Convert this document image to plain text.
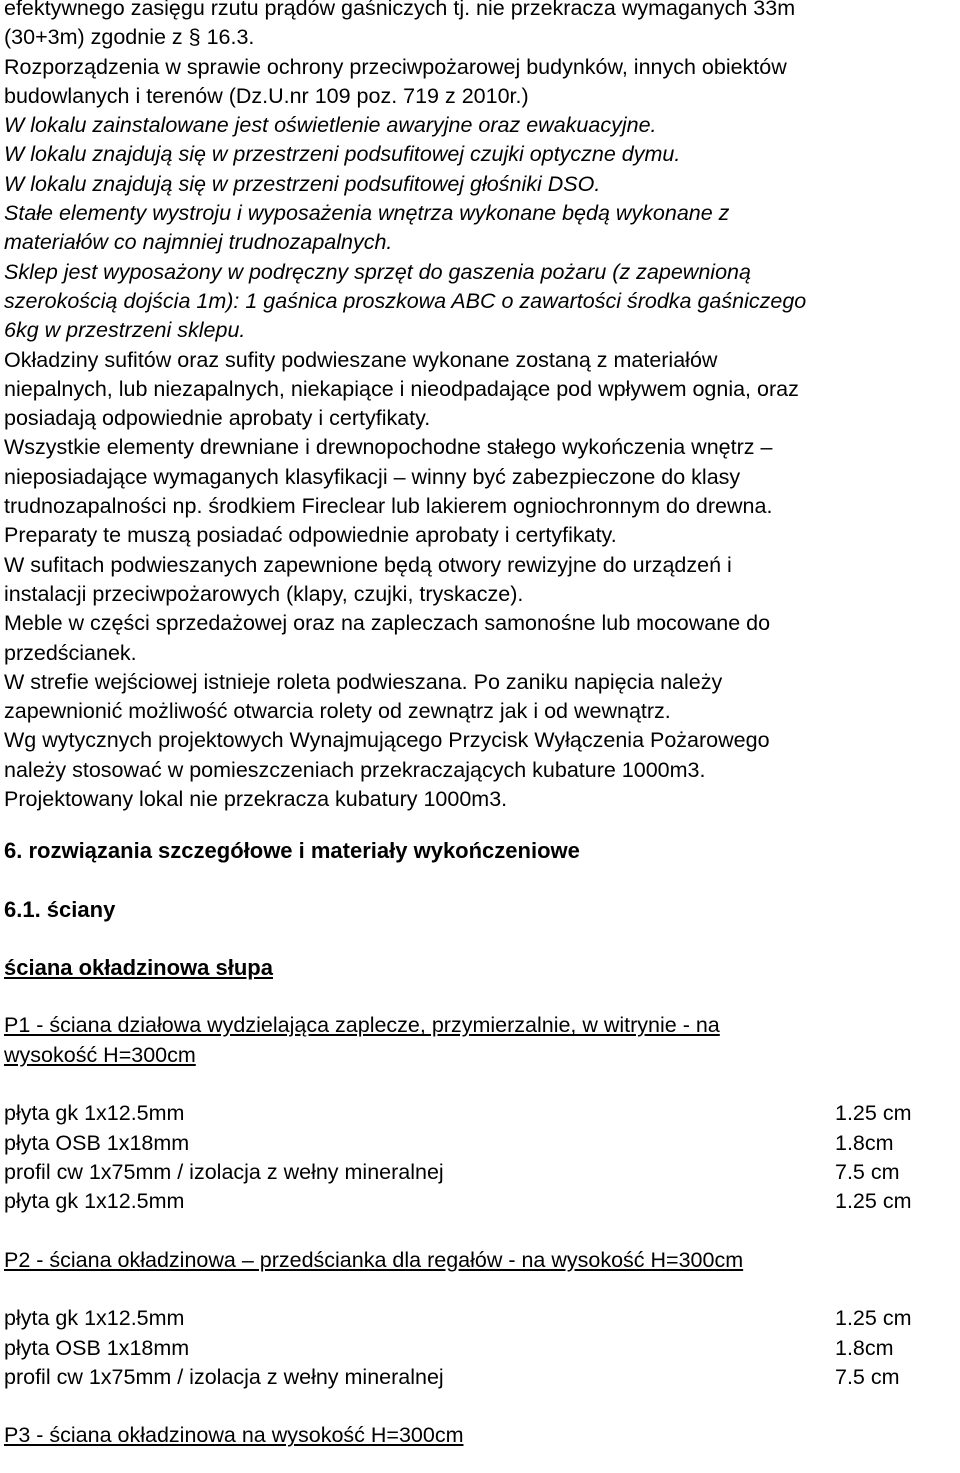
efektywnego zasięgu rzutu prądów gaśniczych tj. nie przekracza wymaganych 33m
(30+3m) zgodnie z § 16.3.
Rozporządzenia w sprawie ochrony przeciwpożarowej budynków, innych obiektów
budowlanych i terenów (Dz.U.nr 109 poz. 719 z 2010r.)
W lokalu zainstalowane jest oświetlenie awaryjne oraz ewakuacyjne.
W lokalu znajdują się w przestrzeni podsufitowej czujki optyczne dymu.
W lokalu znajdują się w przestrzeni podsufitowej głośniki DSO.
Stałe elementy wystroju i wyposażenia wnętrza wykonane będą wykonane z
materiałów co najmniej trudnozapalnych.
Sklep jest wyposażony w podręczny sprzęt do gaszenia pożaru (z zapewnioną
szerokością dojścia 1m): 1 gaśnica proszkowa ABC o zawartości środka gaśniczego
6kg w przestrzeni sklepu.
Okładziny sufitów oraz sufity podwieszane wykonane zostaną z materiałów
niepalnych, lub niezapalnych, niekapiące i nieodpadające pod wpływem ognia, oraz
posiadają odpowiednie aprobaty i certyfikaty.
Wszystkie elementy drewniane i drewnopochodne stałego wykończenia wnętrz –
nieposiadające wymaganych klasyfikacji – winny być zabezpieczone do klasy
trudnozapalności np. środkiem Fireclear lub lakierem ogniochronnym do drewna.
Preparaty te muszą posiadać odpowiednie aprobaty i certyfikaty.
W sufitach podwieszanych zapewnione będą otwory rewizyjne do urządzeń i
instalacji przeciwpożarowych (klapy, czujki, tryskacze).
Meble w części sprzedażowej oraz na zapleczach samonośne lub mocowane do
przedścianek.
W strefie wejściowej istnieje roleta podwieszana. Po zaniku napięcia należy
zapewnionić możliwość otwarcia rolety od zewnątrz jak i od wewnątrz.
Wg wytycznych projektowych Wynajmującego Przycisk Wyłączenia Pożarowego
należy stosować w pomieszczeniach przekraczających kubature 1000m3.
Projektowany lokal nie przekracza kubatury 1000m3.
6. rozwiązania szczegółowe i materiały wykończeniowe
6.1. ściany
ściana okładzinowa słupa
P1 - ściana działowa wydzielająca zaplecze, przymierzalnie, w witrynie - na
wysokość H=300cm
płyta gk 1x12.5mm	1.25 cm
płyta OSB 1x18mm	1.8cm
profil cw 1x75mm / izolacja z wełny mineralnej	7.5 cm
płyta gk 1x12.5mm	1.25 cm
P2 - ściana okładzinowa – przedścianka dla regałów - na wysokość H=300cm
płyta gk 1x12.5mm	1.25 cm
płyta OSB 1x18mm	1.8cm
profil cw 1x75mm / izolacja z wełny mineralnej	7.5 cm
P3 - ściana okładzinowa na wysokość H=300cm
